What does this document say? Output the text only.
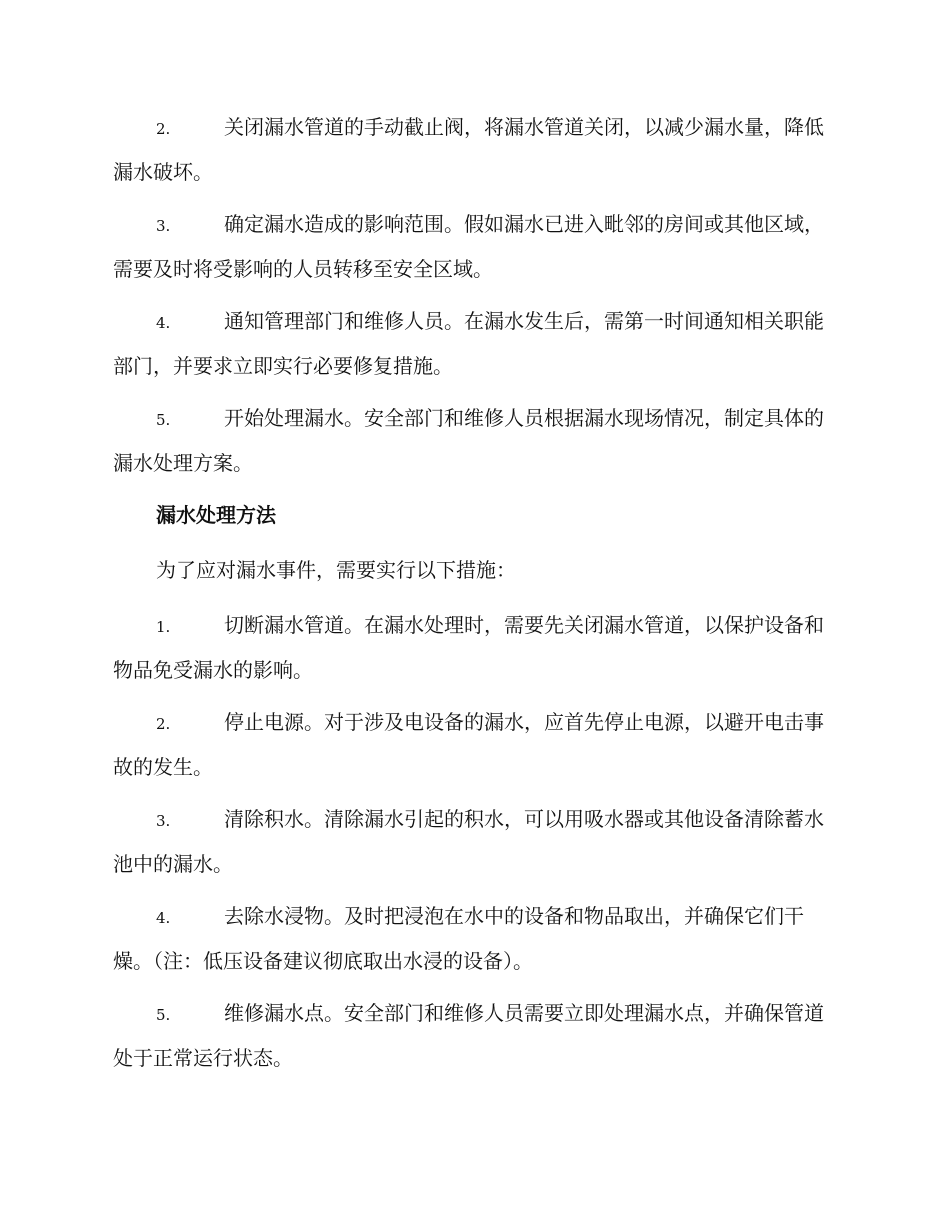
2.	关闭漏水管道的手动截止阀，将漏水管道关闭，以减少漏水量，降低漏水破坏。

3.	确定漏水造成的影响范围。假如漏水已进入毗邻的房间或其他区域，需要及时将受影响的人员转移至安全区域。

4.	通知管理部门和维修人员。在漏水发生后，需第一时间通知相关职能部门，并要求立即实行必要修复措施。

5.	开始处理漏水。安全部门和维修人员根据漏水现场情况，制定具体的漏水处理方案。

漏水处理方法

为了应对漏水事件，需要实行以下措施：

1.	切断漏水管道。在漏水处理时，需要先关闭漏水管道，以保护设备和物品免受漏水的影响。

2.	停止电源。对于涉及电设备的漏水，应首先停止电源，以避开电击事故的发生。

3.	清除积水。清除漏水引起的积水，可以用吸水器或其他设备清除蓄水池中的漏水。

4.	去除水浸物。及时把浸泡在水中的设备和物品取出，并确保它们干燥。（注：低压设备建议彻底取出水浸的设备）。

5.	维修漏水点。安全部门和维修人员需要立即处理漏水点，并确保管道处于正常运行状态。
